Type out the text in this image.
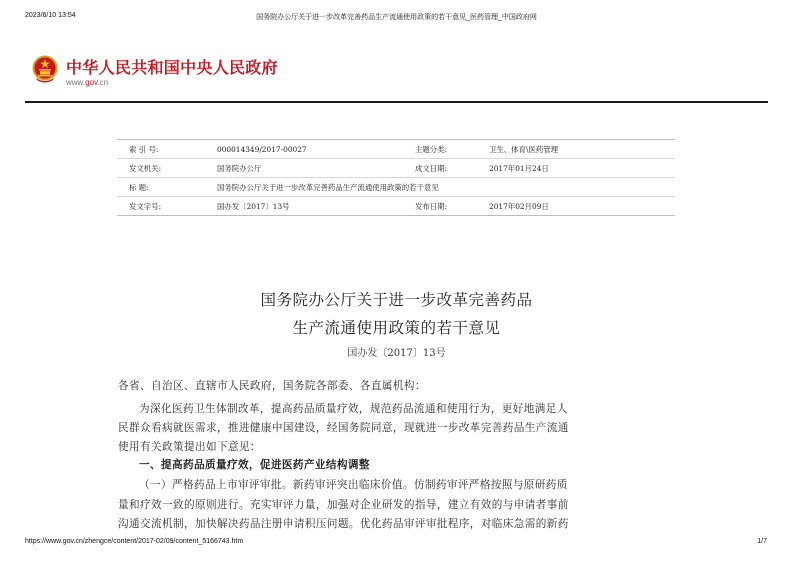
2023/6/10 13:54	国务院办公厅关于进一步改革完善药品生产流通使用政策的若干意见_医药管理_中国政府网
中华人民共和国中央人民政府
www.gov.cn
索 引 号:	000014349/2017-00027	主题分类:	卫生、体育\医药管理
发文机关:	国务院办公厅	成文日期:	2017年01月24日
标 题:	国务院办公厅关于进一步改革完善药品生产流通使用政策的若干意见		
发文字号:	国办发〔2017〕13号	发布日期:	2017年02月09日
国务院办公厅关于进一步改革完善药品
生产流通使用政策的若干意见
国办发〔2017〕13号
各省、自治区、直辖市人民政府，国务院各部委、各直属机构：
为深化医药卫生体制改革，提高药品质量疗效，规范药品流通和使用行为，更好地满足人
民群众看病就医需求，推进健康中国建设，经国务院同意，现就进一步改革完善药品生产流通
使用有关政策提出如下意见：
一、提高药品质量疗效，促进医药产业结构调整
（一）严格药品上市审评审批。新药审评突出临床价值。仿制药审评严格按照与原研药质
量和疗效一致的原则进行。充实审评力量，加强对企业研发的指导，建立有效的与申请者事前
沟通交流机制，加快解决药品注册申请积压问题。优化药品审评审批程序，对临床急需的新药
https://www.gov.cn/zhengce/content/2017-02/09/content_5166743.htm	1/7
